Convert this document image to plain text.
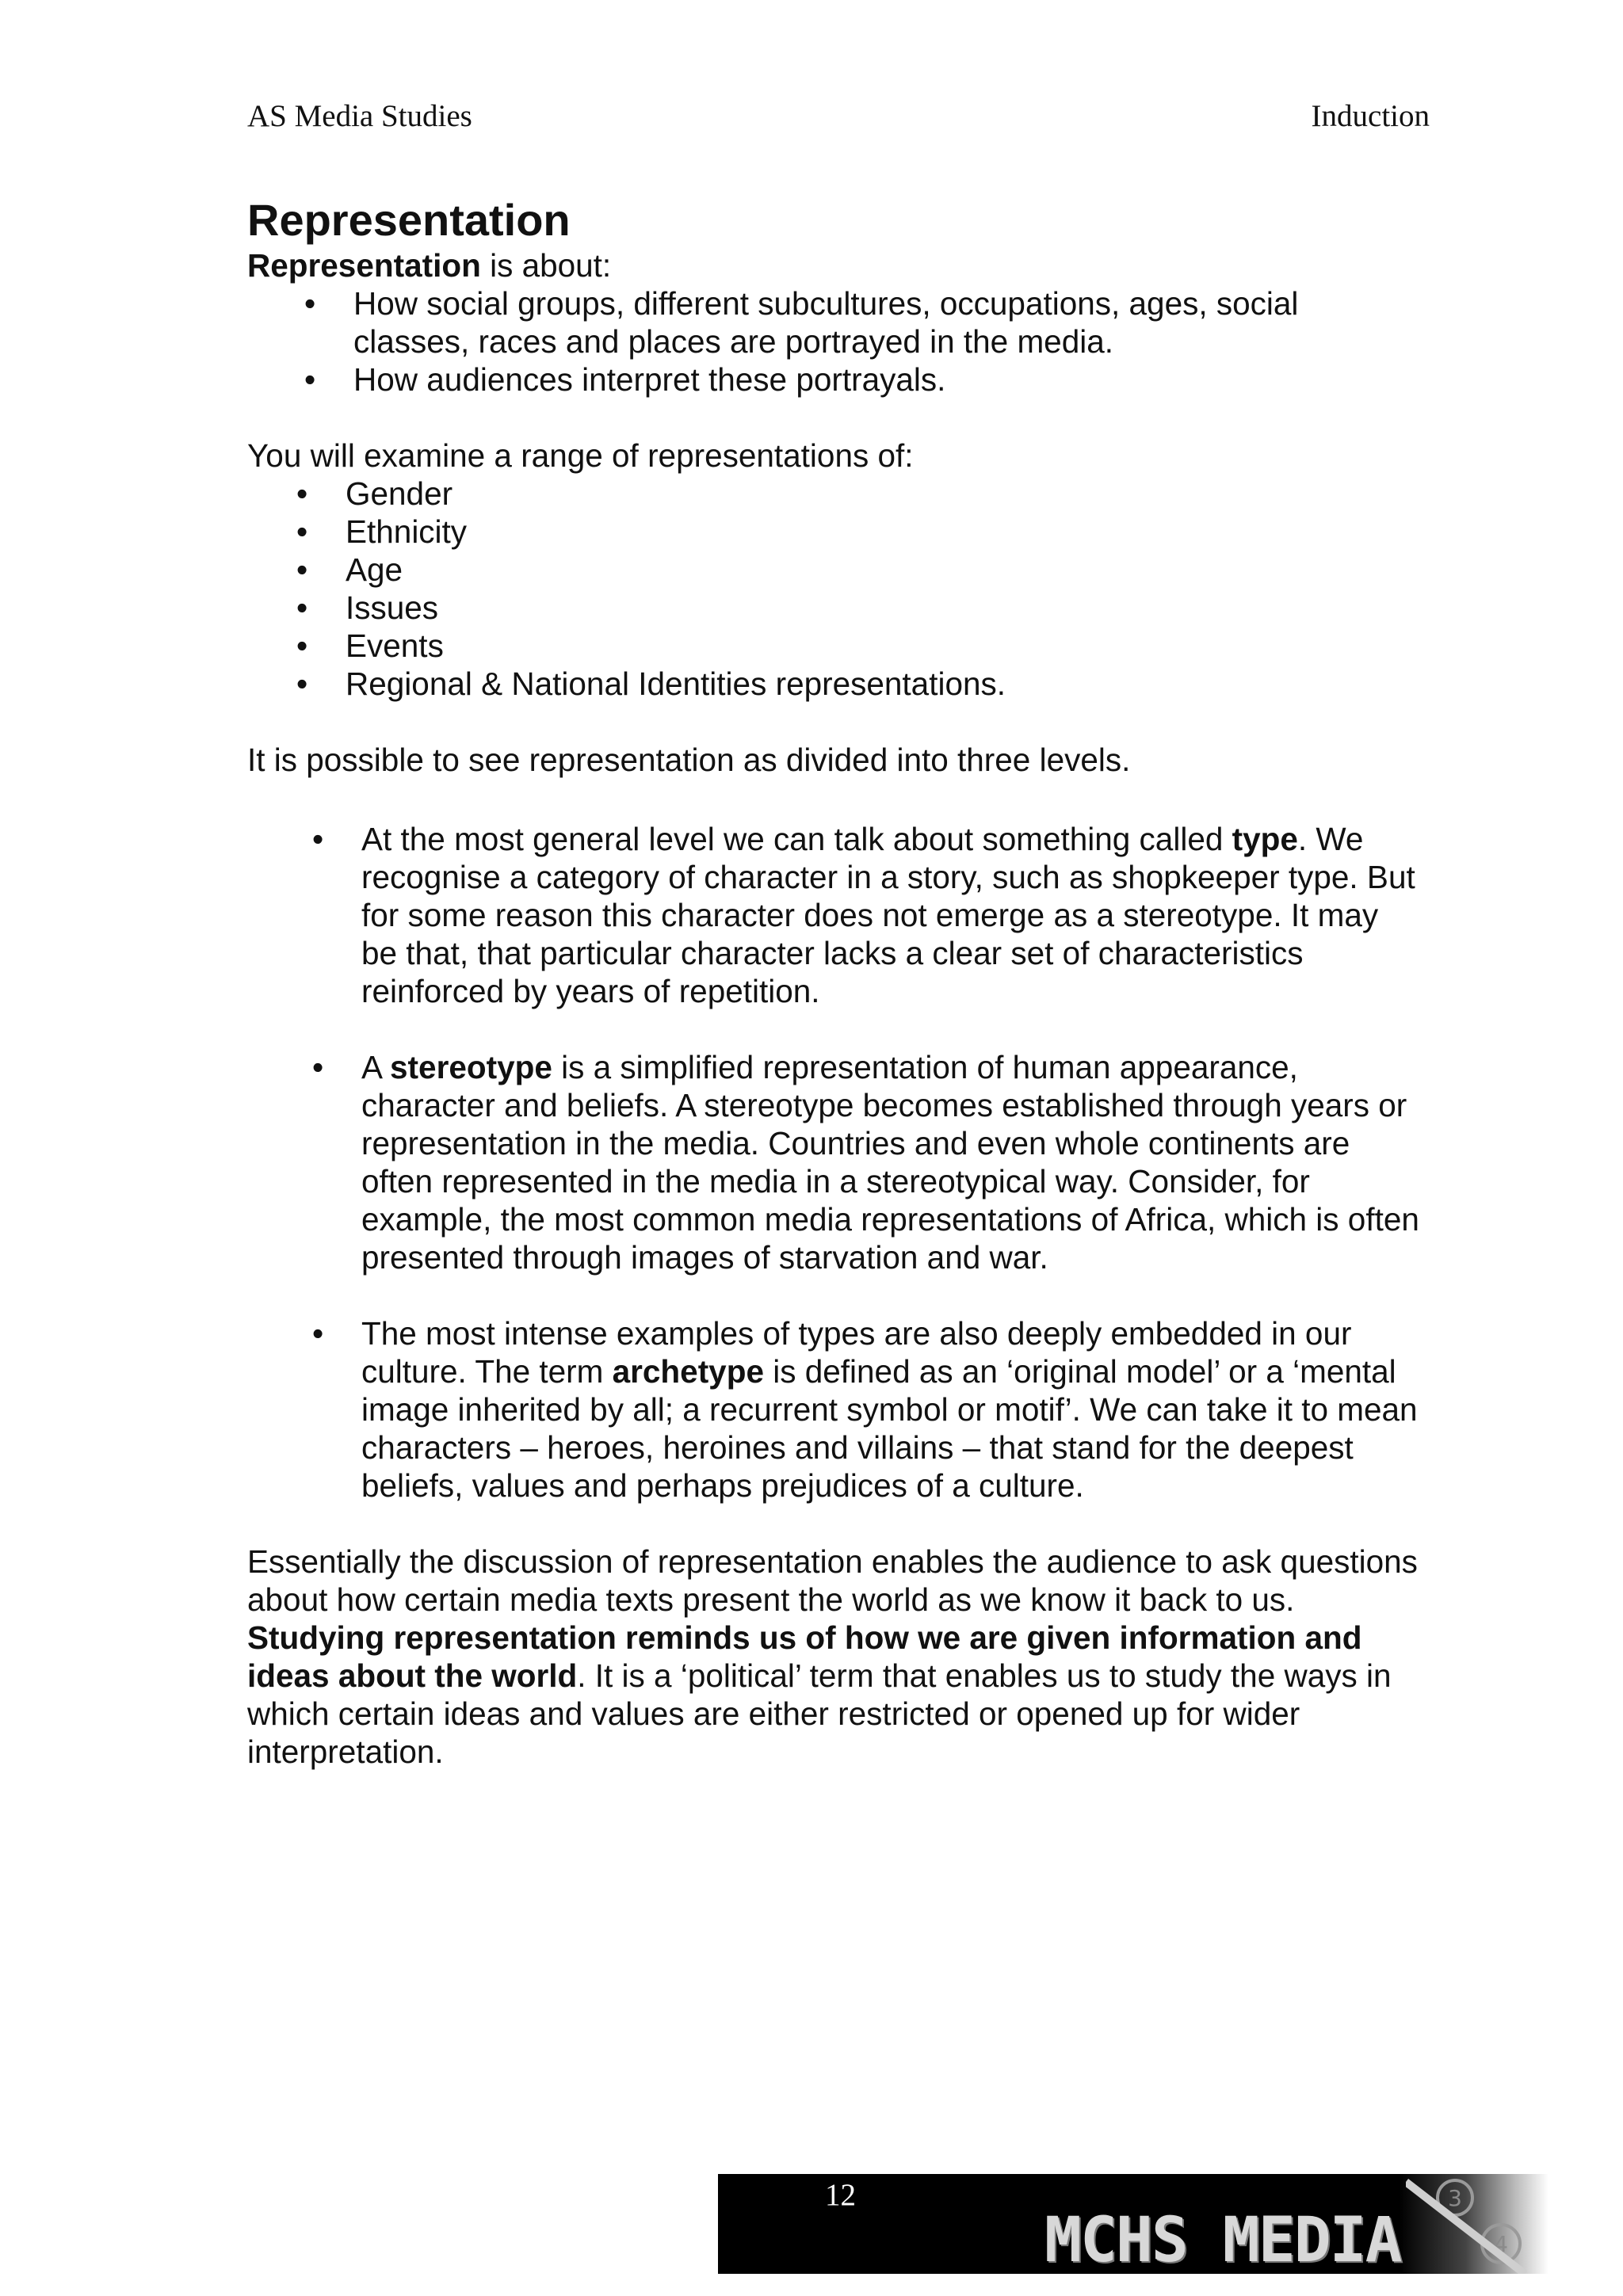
AS Media Studies	Induction
Representation

Representation is about:

• How social groups, different subcultures, occupations, ages, social classes, races and places are portrayed in the media.
• How audiences interpret these portrayals.

You will examine a range of representations of:

• Gender
• Ethnicity
• Age
• Issues
• Events
• Regional & National Identities representations.

It is possible to see representation as divided into three levels.

• At the most general level we can talk about something called type. We recognise a category of character in a story, such as shopkeeper type. But for some reason this character does not emerge as a stereotype. It may be that, that particular character lacks a clear set of characteristics reinforced by years of repetition.
• A stereotype is a simplified representation of human appearance, character and beliefs. A stereotype becomes established through years or representation in the media. Countries and even whole continents are often represented in the media in a stereotypical way. Consider, for example, the most common media representations of Africa, which is often presented through images of starvation and war.
• The most intense examples of types are also deeply embedded in our culture. The term archetype is defined as an ‘original model’ or a ‘mental image inherited by all; a recurrent symbol or motif’. We can take it to mean characters – heroes, heroines and villains – that stand for the deepest beliefs, values and perhaps prejudices of a culture.

Essentially the discussion of representation enables the audience to ask questions about how certain media texts present the world as we know it back to us. Studying representation reminds us of how we are given information and ideas about the world. It is a ‘political’ term that enables us to study the ways in which certain ideas and values are either restricted or opened up for wider interpretation.

12
MCHS MEDIA
3
4
